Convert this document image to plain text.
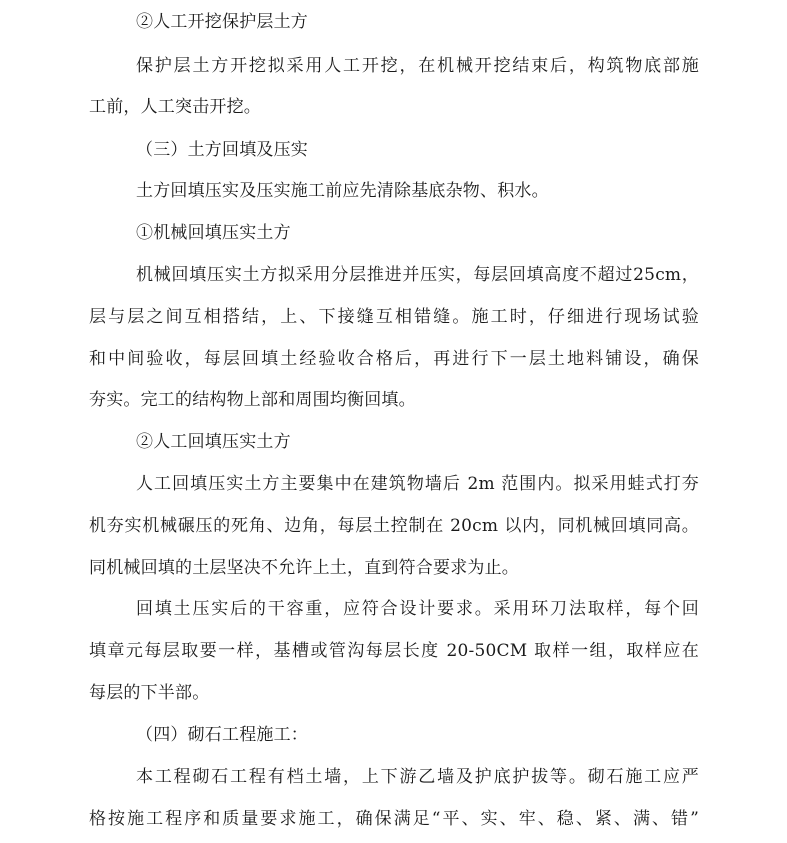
②人工开挖保护层土方
保护层土方开挖拟采用人工开挖，在机械开挖结束后，构筑物底部施
工前，人工突击开挖。
（三）土方回填及压实
土方回填压实及压实施工前应先清除基底杂物、积水。
①机械回填压实土方
机械回填压实土方拟采用分层推进并压实，每层回填高度不超过25cm，
层与层之间互相搭结，上、下接缝互相错缝。施工时，仔细进行现场试验
和中间验收，每层回填土经验收合格后，再进行下一层土地料铺设，确保
夯实。完工的结构物上部和周围均衡回填。
②人工回填压实土方
人工回填压实土方主要集中在建筑物墙后 2m 范围内。拟采用蛙式打夯
机夯实机械碾压的死角、边角，每层土控制在 20cm 以内，同机械回填同高。
同机械回填的土层坚决不允许上土，直到符合要求为止。
回填土压实后的干容重，应符合设计要求。采用环刀法取样，每个回
填章元每层取要一样，基槽或管沟每层长度 20-50CM 取样一组，取样应在
每层的下半部。
（四）砌石工程施工：
本工程砌石工程有档土墙，上下游乙墙及护底护拔等。砌石施工应严
格按施工程序和质量要求施工，确保满足“平、实、牢、稳、紧、满、错”
